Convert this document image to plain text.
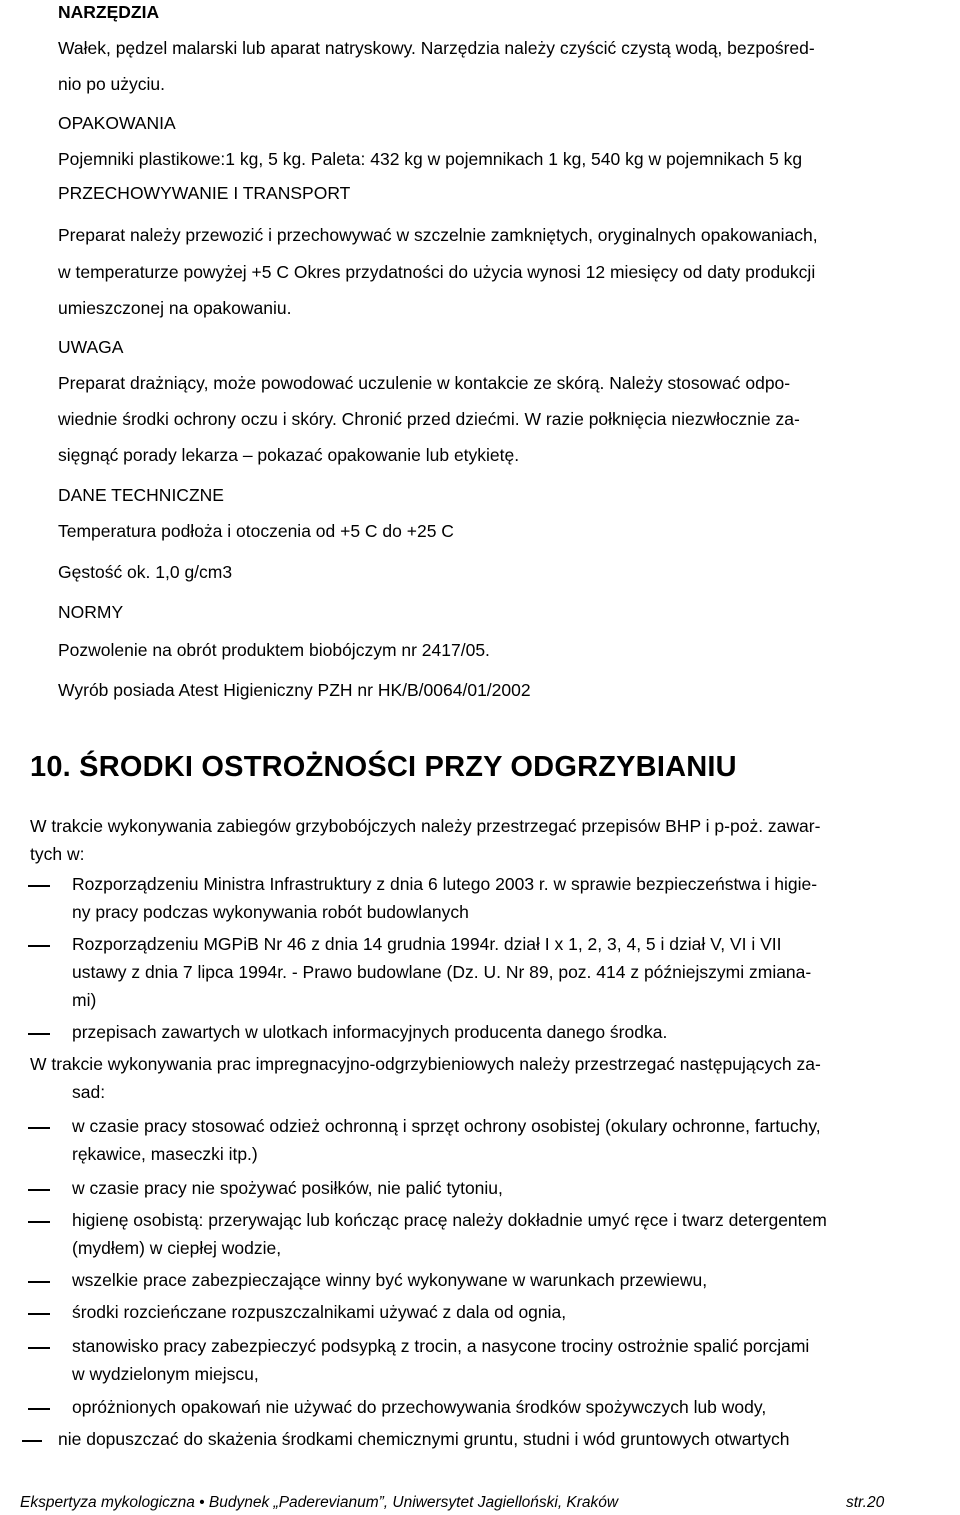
NARZĘDZIA
Wałek, pędzel malarski lub aparat natryskowy. Narzędzia należy czyścić czystą wodą, bezpośred-
nio po użyciu.
OPAKOWANIA
Pojemniki plastikowe:1 kg, 5 kg. Paleta: 432 kg w pojemnikach 1 kg, 540 kg w pojemnikach 5 kg
PRZECHOWYWANIE I TRANSPORT
Preparat należy przewozić i przechowywać w szczelnie zamkniętych, oryginalnych opakowaniach,
w temperaturze powyżej +5 C Okres przydatności do użycia wynosi 12 miesięcy od daty produkcji
umieszczonej na opakowaniu.
UWAGA
Preparat drażniący, może powodować uczulenie w kontakcie ze skórą. Należy stosować odpo-
wiednie środki ochrony oczu i skóry. Chronić przed dziećmi. W razie połknięcia niezwłocznie za-
sięgnąć porady lekarza – pokazać opakowanie lub etykietę.
DANE TECHNICZNE
Temperatura podłoża i otoczenia od +5 C do +25 C
Gęstość ok. 1,0 g/cm3
NORMY
Pozwolenie na obrót produktem biobójczym nr 2417/05.
Wyrób posiada Atest Higieniczny PZH nr HK/B/0064/01/2002
10. ŚRODKI OSTROŻNOŚCI PRZY ODGRZYBIANIU
W trakcie wykonywania zabiegów grzybobójczych należy przestrzegać przepisów BHP i p-poż. zawar-
tych w:
Rozporządzeniu Ministra Infrastruktury z dnia 6 lutego 2003 r. w sprawie bezpieczeństwa i higie-
ny pracy podczas wykonywania robót budowlanych
Rozporządzeniu MGPiB Nr 46 z dnia 14 grudnia 1994r. dział I x 1, 2, 3, 4, 5 i dział V, VI i VII
ustawy z dnia 7 lipca 1994r. - Prawo budowlane (Dz. U. Nr 89, poz. 414 z późniejszymi zmiana-
mi)
przepisach zawartych w ulotkach informacyjnych producenta danego środka.
W trakcie wykonywania prac impregnacyjno-odgrzybieniowych należy przestrzegać następujących za-
sad:
w czasie pracy stosować odzież ochronną i sprzęt ochrony osobistej (okulary ochronne, fartuchy,
rękawice, maseczki itp.)
w czasie pracy nie spożywać posiłków, nie palić tytoniu,
higienę osobistą: przerywając lub kończąc pracę należy dokładnie umyć ręce i twarz detergentem
(mydłem) w ciepłej wodzie,
wszelkie prace zabezpieczające winny być wykonywane w warunkach przewiewu,
środki rozcieńczane rozpuszczalnikami używać z dala od ognia,
stanowisko pracy zabezpieczyć podsypką z trocin, a nasycone trociny ostrożnie spalić porcjami
w wydzielonym miejscu,
opróżnionych opakowań nie używać do przechowywania środków spożywczych lub wody,
nie dopuszczać do skażenia środkami chemicznymi gruntu, studni i wód gruntowych otwartych
Ekspertyza mykologiczna • Budynek „Paderevianum”, Uniwersytet Jagielloński, Kraków	str.20
